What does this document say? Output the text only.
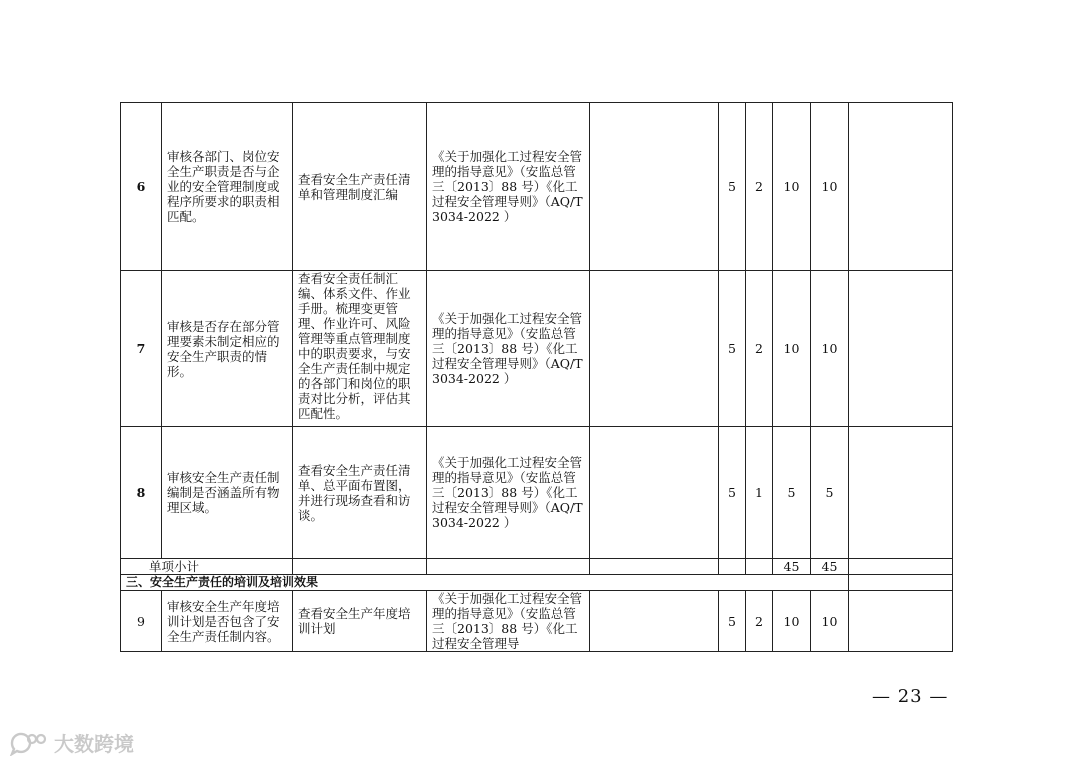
6	审核各部门、岗位安全生产职责是否与企业的安全管理制度或程序所要求的职责相匹配。	查看安全生产责任清单和管理制度汇编	《关于加强化工过程安全管理的指导意见》（安监总管三〔2013〕88 号）《化工过程安全管理导则》（AQ/T 3034-2022 ）		5	2	10	10	
7	审核是否存在部分管理要素未制定相应的安全生产职责的情形。	查看安全责任制汇编、体系文件、作业手册。梳理变更管理、作业许可、风险管理等重点管理制度中的职责要求，与安全生产责任制中规定的各部门和岗位的职责对比分析，评估其匹配性。	《关于加强化工过程安全管理的指导意见》（安监总管三〔2013〕88 号）《化工过程安全管理导则》（AQ/T 3034-2022 ）		5	2	10	10	
8	审核安全生产责任制编制是否涵盖所有物理区域。	查看安全生产责任清单、总平面布置图，并进行现场查看和访谈。	《关于加强化工过程安全管理的指导意见》（安监总管三〔2013〕88 号）《化工过程安全管理导则》（AQ/T 3034-2022 ）		5	1	5	5	
单项小计							45	45	
三、安全生产责任的培训及培训效果									
9	审核安全生产年度培训计划是否包含了安全生产责任制内容。	查看安全生产年度培训计划	《关于加强化工过程安全管理的指导意见》（安监总管三〔2013〕88 号）《化工过程安全管理导		5	2	10	10	
— 23 —
大数跨境
